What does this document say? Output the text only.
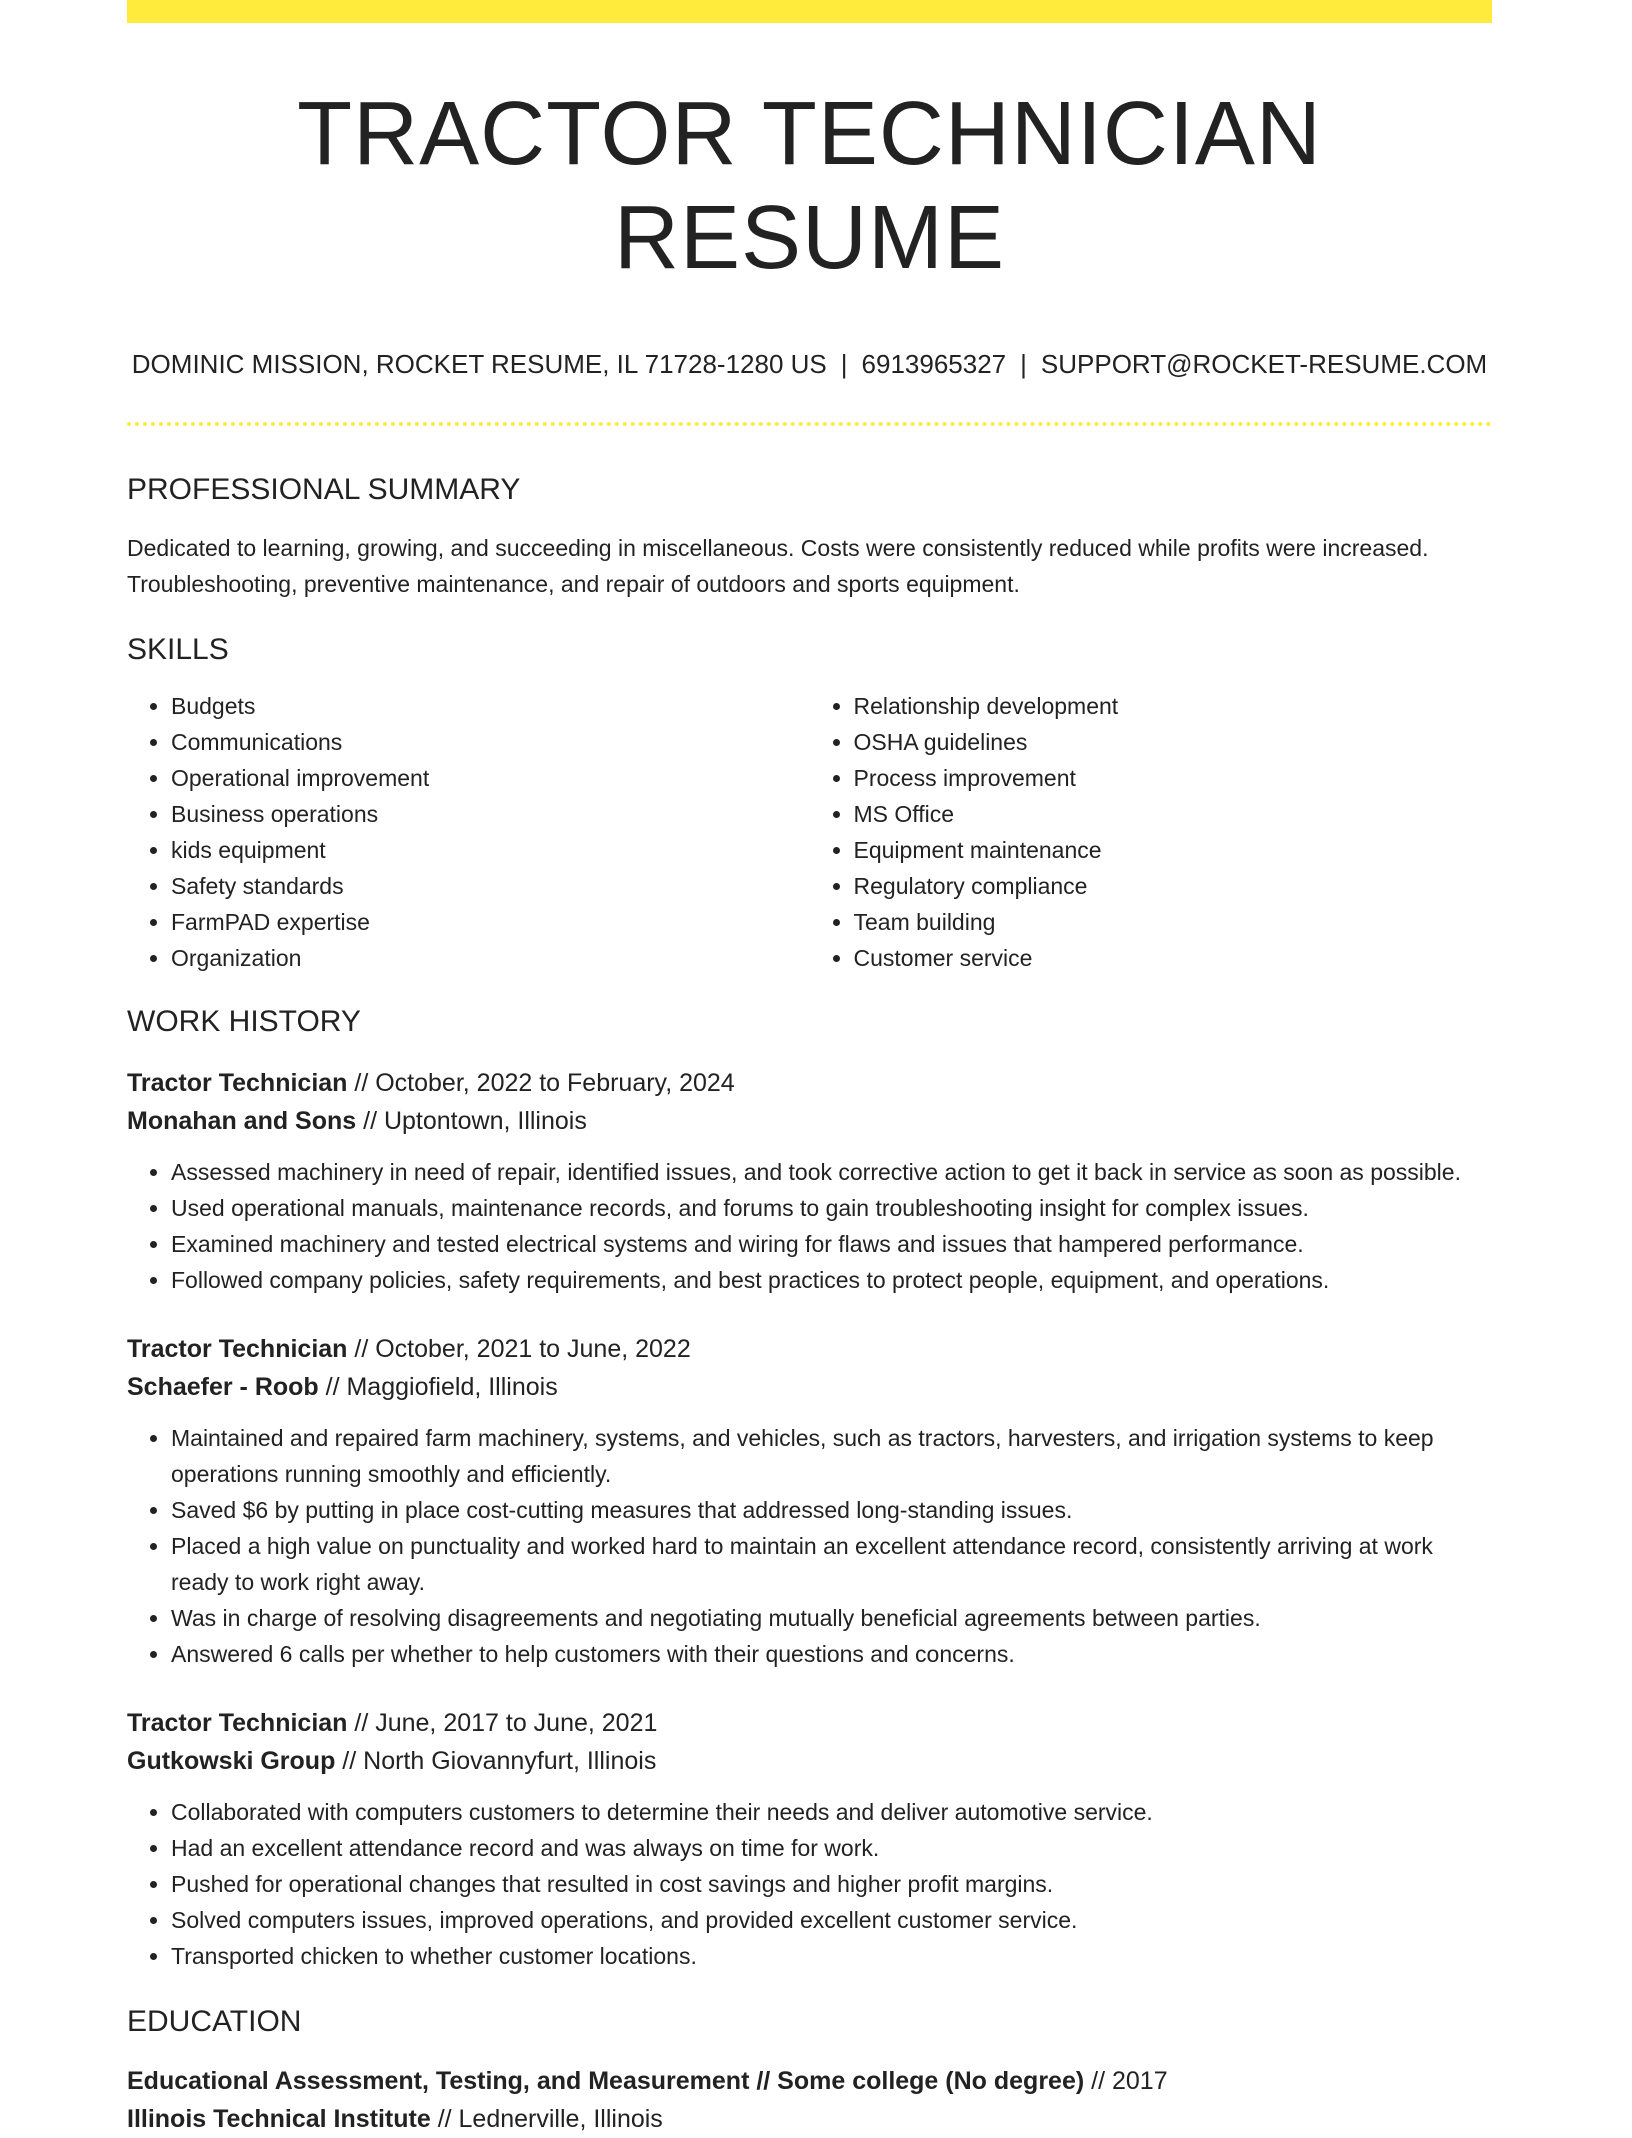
TRACTOR TECHNICIAN RESUME
DOMINIC MISSION, ROCKET RESUME, IL 71728-1280 US | 6913965327 | SUPPORT@ROCKET-RESUME.COM
PROFESSIONAL SUMMARY

Dedicated to learning, growing, and succeeding in miscellaneous. Costs were consistently reduced while profits were increased. Troubleshooting, preventive maintenance, and repair of outdoors and sports equipment.

SKILLS
• Budgets
• Communications
• Operational improvement
• Business operations
• kids equipment
• Safety standards
• FarmPAD expertise
• Organization
• Relationship development
• OSHA guidelines
• Process improvement
• MS Office
• Equipment maintenance
• Regulatory compliance
• Team building
• Customer service
WORK HISTORY
Tractor Technician // October, 2022 to February, 2024
Monahan and Sons // Uptontown, Illinois
• Assessed machinery in need of repair, identified issues, and took corrective action to get it back in service as soon as possible.
• Used operational manuals, maintenance records, and forums to gain troubleshooting insight for complex issues.
• Examined machinery and tested electrical systems and wiring for flaws and issues that hampered performance.
• Followed company policies, safety requirements, and best practices to protect people, equipment, and operations.
Tractor Technician // October, 2021 to June, 2022
Schaefer - Roob // Maggiofield, Illinois
• Maintained and repaired farm machinery, systems, and vehicles, such as tractors, harvesters, and irrigation systems to keep operations running smoothly and efficiently.
• Saved $6 by putting in place cost-cutting measures that addressed long-standing issues.
• Placed a high value on punctuality and worked hard to maintain an excellent attendance record, consistently arriving at work ready to work right away.
• Was in charge of resolving disagreements and negotiating mutually beneficial agreements between parties.
• Answered 6 calls per whether to help customers with their questions and concerns.
Tractor Technician // June, 2017 to June, 2021
Gutkowski Group // North Giovannyfurt, Illinois
• Collaborated with computers customers to determine their needs and deliver automotive service.
• Had an excellent attendance record and was always on time for work.
• Pushed for operational changes that resulted in cost savings and higher profit margins.
• Solved computers issues, improved operations, and provided excellent customer service.
• Transported chicken to whether customer locations.
EDUCATION
Educational Assessment, Testing, and Measurement // Some college (No degree) // 2017
Illinois Technical Institute // Lednerville, Illinois
